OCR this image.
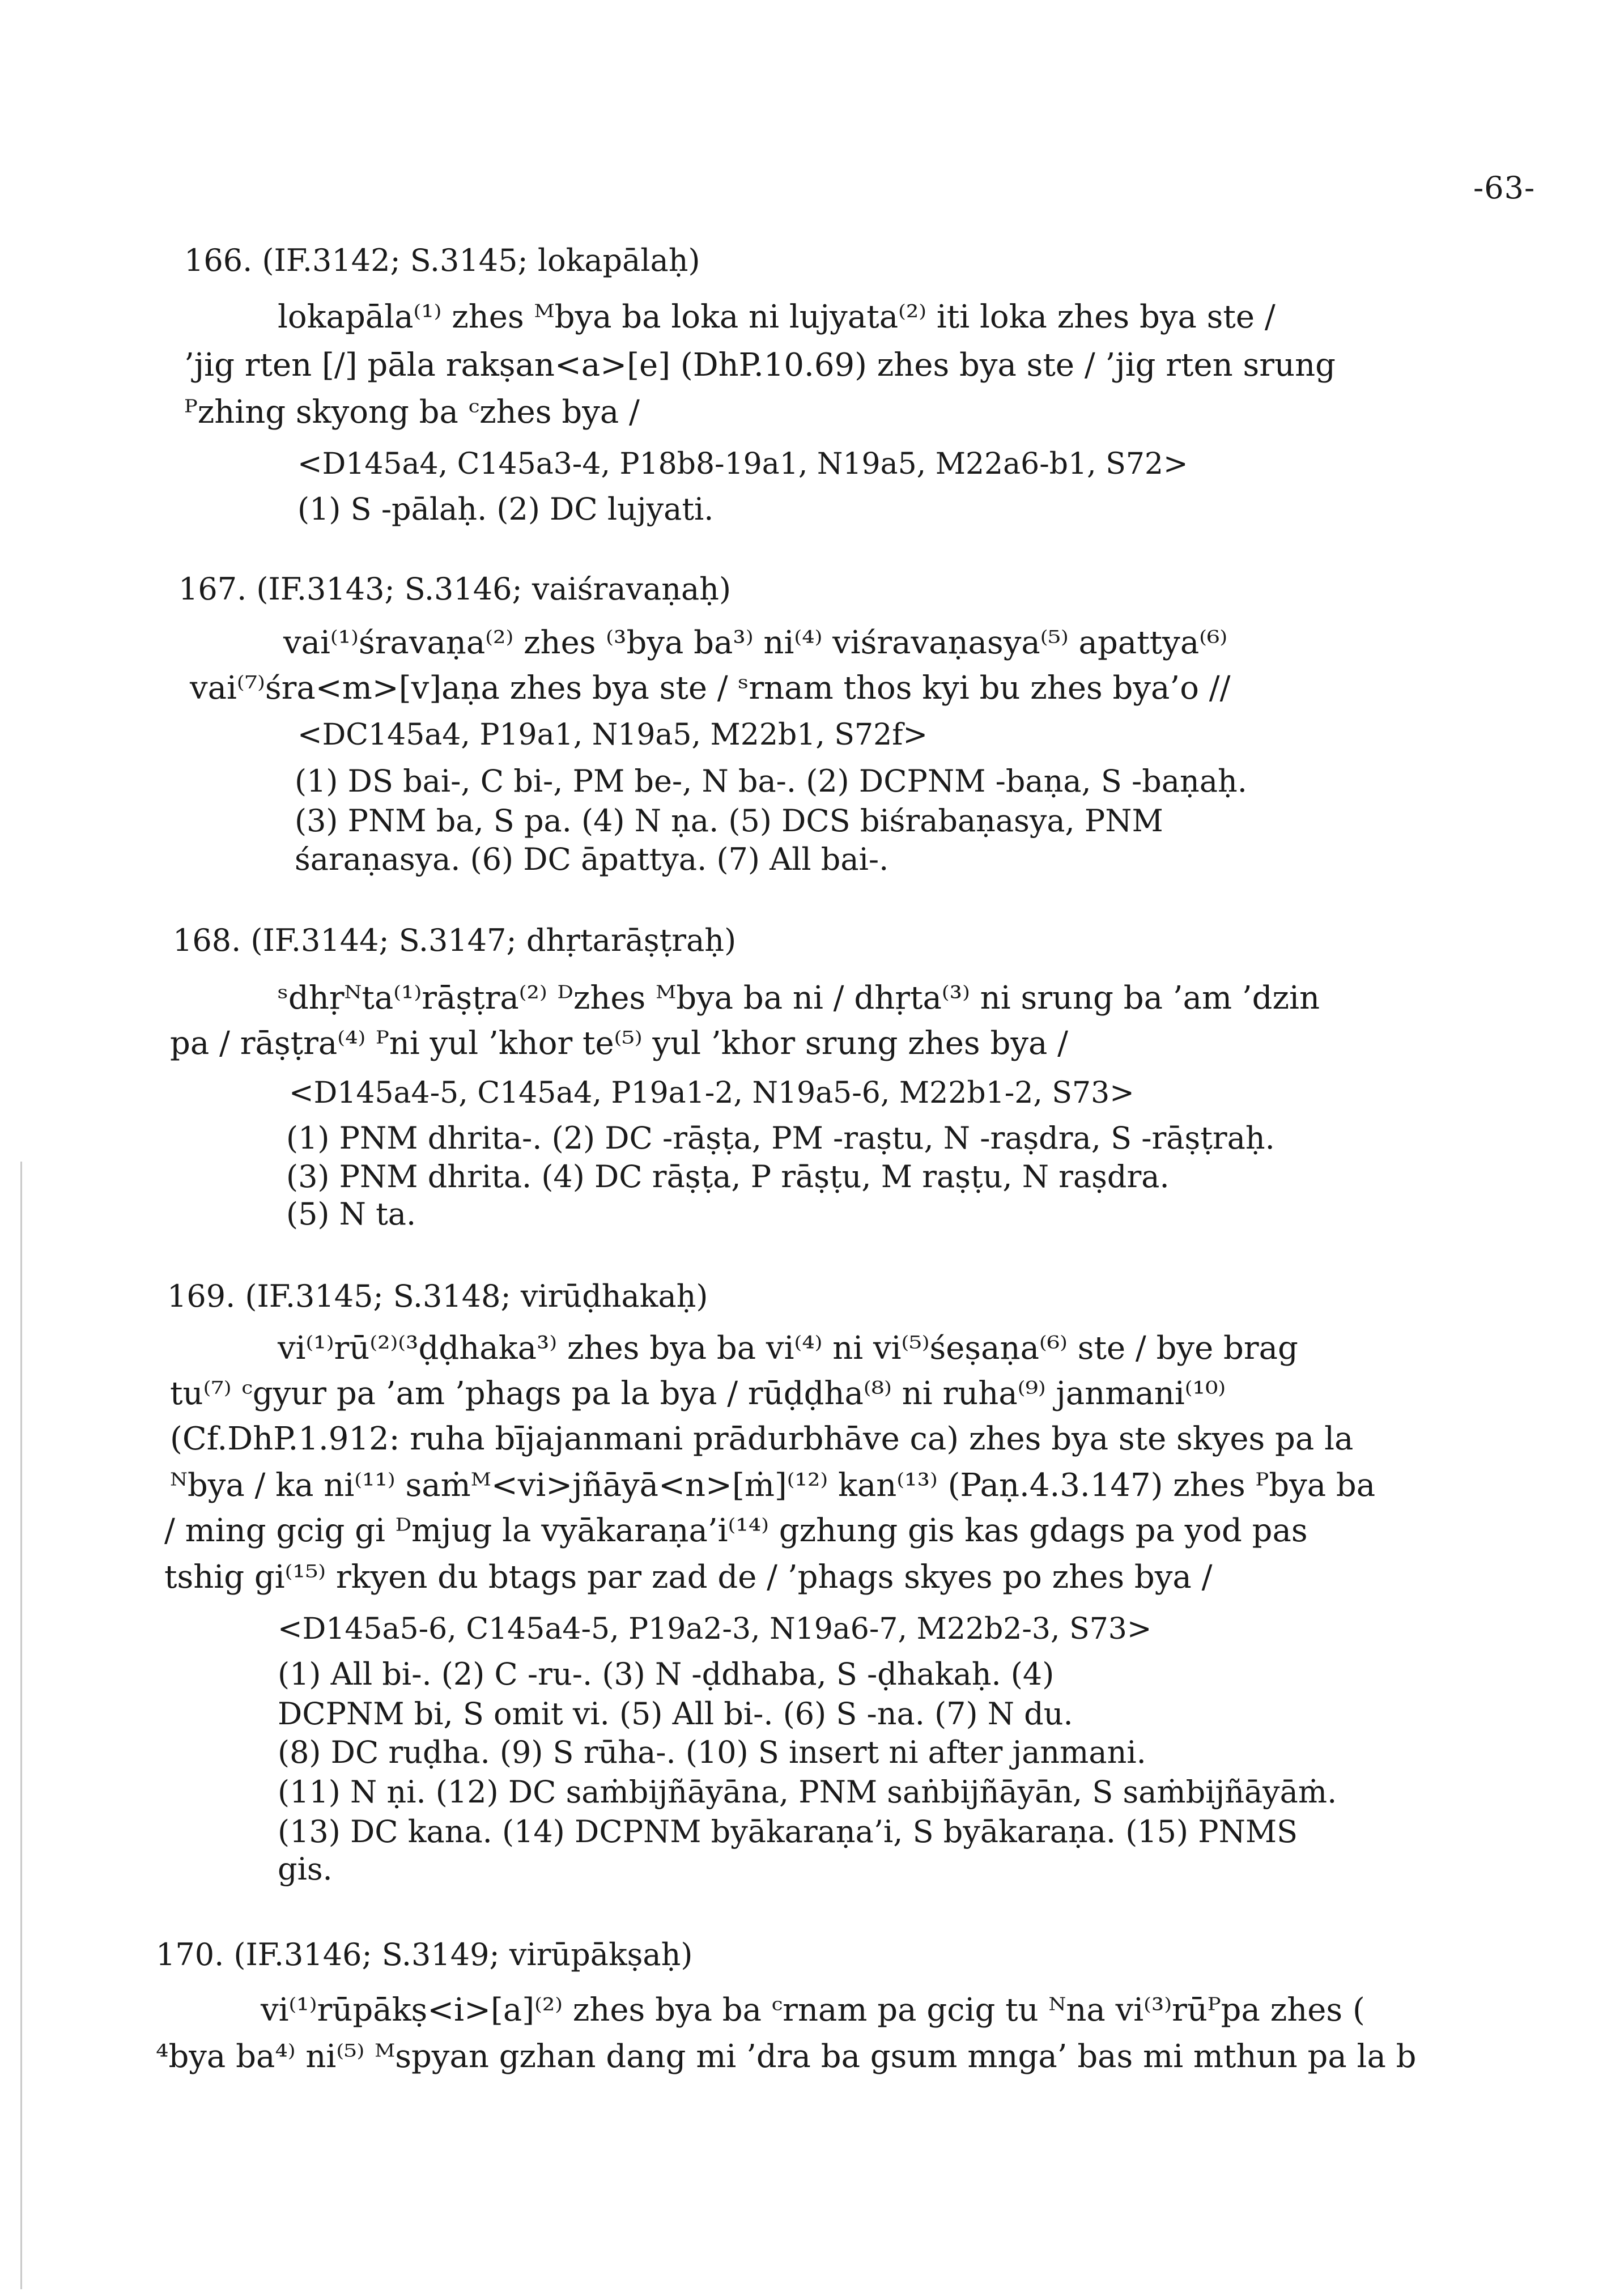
-63-
166. (IF.3142; S.3145; lokapālaḥ)
lokapāla⁽¹⁾ zhes ᴹbya ba loka ni lujyata⁽²⁾ iti loka zhes bya ste /
’jig rten [/] pāla rakṣan<a>[e] (DhP.10.69) zhes bya ste / ’jig rten srung
ᴾzhing skyong ba ᶜzhes bya /
<D145a4, C145a3-4, P18b8-19a1, N19a5, M22a6-b1, S72>
(1) S -pālaḥ. (2) DC lujyati.
167. (IF.3143; S.3146; vaiśravaṇaḥ)
vai⁽¹⁾śravaṇa⁽²⁾ zhes ⁽³bya ba³⁾ ni⁽⁴⁾ viśravaṇasya⁽⁵⁾ apattya⁽⁶⁾
vai⁽⁷⁾śra<m>[v]aṇa zhes bya ste / ˢrnam thos kyi bu zhes bya’o //
<DC145a4, P19a1, N19a5, M22b1, S72f>
(1) DS bai-, C bi-, PM be-, N ba-. (2) DCPNM -baṇa, S -baṇaḥ.
(3) PNM ba, S pa. (4) N ṇa. (5) DCS biśrabaṇasya, PNM
śaraṇasya. (6) DC āpattya. (7) All bai-.
168. (IF.3144; S.3147; dhṛtarāṣṭraḥ)
ˢdhṛᴺta⁽¹⁾rāṣṭra⁽²⁾ ᴰzhes ᴹbya ba ni / dhṛta⁽³⁾ ni srung ba ’am ’dzin
pa / rāṣṭra⁽⁴⁾ ᴾni yul ’khor te⁽⁵⁾ yul ’khor srung zhes bya /
<D145a4-5, C145a4, P19a1-2, N19a5-6, M22b1-2, S73>
(1) PNM dhrita-. (2) DC -rāṣṭa, PM -raṣtu, N -raṣdra, S -rāṣṭraḥ.
(3) PNM dhrita. (4) DC rāṣṭa, P rāṣṭu, M raṣṭu, N raṣdra.
(5) N ta.
169. (IF.3145; S.3148; virūḍhakaḥ)
vi⁽¹⁾rū⁽²⁾⁽³ḍḍhaka³⁾ zhes bya ba vi⁽⁴⁾ ni vi⁽⁵⁾śeṣaṇa⁽⁶⁾ ste / bye brag
tu⁽⁷⁾ ᶜgyur pa ’am ’phags pa la bya / rūḍḍha⁽⁸⁾ ni ruha⁽⁹⁾ janmani⁽¹⁰⁾
(Cf.DhP.1.912: ruha bījajanmani prādurbhāve ca) zhes bya ste skyes pa la
ᴺbya / ka ni⁽¹¹⁾ saṁᴹ<vi>jñāyā<n>[ṁ]⁽¹²⁾ kan⁽¹³⁾ (Paṇ.4.3.147) zhes ᴾbya ba
/ ming gcig gi ᴰmjug la vyākaraṇa’i⁽¹⁴⁾ gzhung gis kas gdags pa yod pas
tshig gi⁽¹⁵⁾ rkyen du btags par zad de / ’phags skyes po zhes bya /
<D145a5-6, C145a4-5, P19a2-3, N19a6-7, M22b2-3, S73>
(1) All bi-. (2) C -ru-. (3) N -ḍdhaba, S -ḍhakaḥ. (4)
DCPNM bi, S omit vi. (5) All bi-. (6) S -na. (7) N du.
(8) DC ruḍha. (9) S rūha-. (10) S insert ni after janmani.
(11) N ṇi. (12) DC saṁbijñāyāna, PNM saṅbijñāyān, S saṁbijñāyāṁ.
(13) DC kana. (14) DCPNM byākaraṇa’i, S byākaraṇa. (15) PNMS
gis.
170. (IF.3146; S.3149; virūpākṣaḥ)
vi⁽¹⁾rūpākṣ<i>[a]⁽²⁾ zhes bya ba ᶜrnam pa gcig tu ᴺna vi⁽³⁾rūᴾpa zhes (
⁴bya ba⁴⁾ ni⁽⁵⁾ ᴹspyan gzhan dang mi ’dra ba gsum mnga’ bas mi mthun pa la b
